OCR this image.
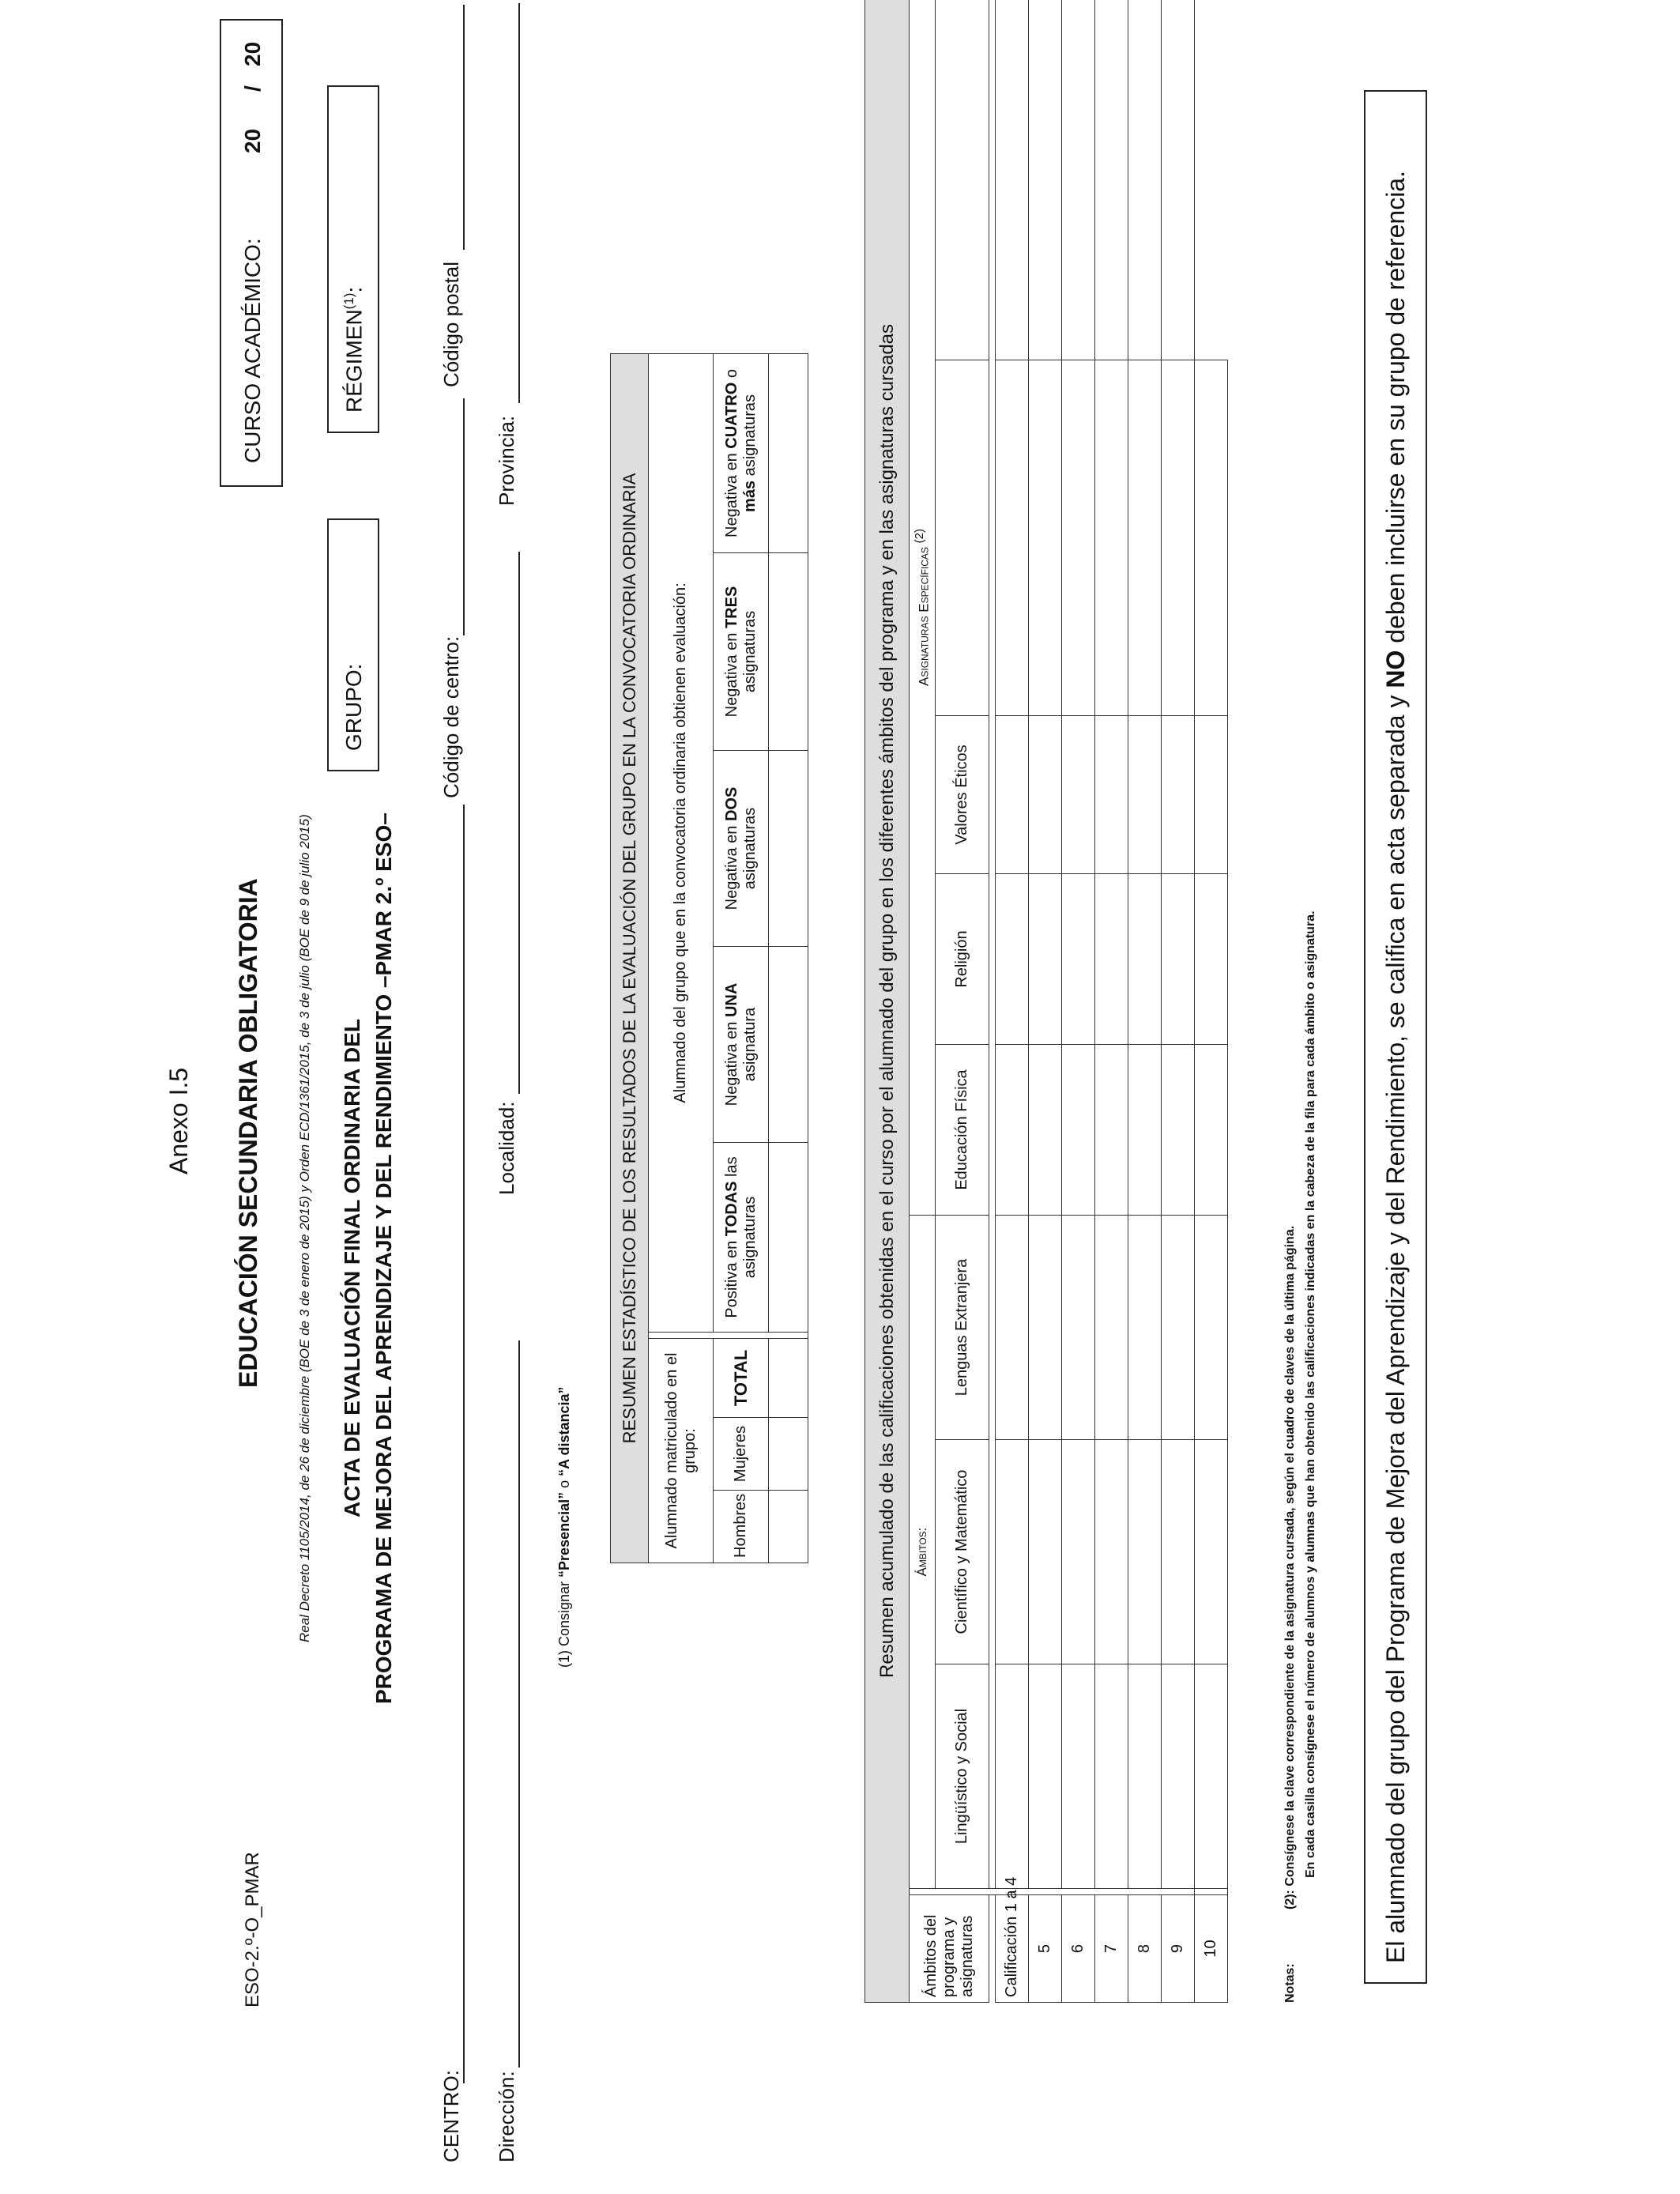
ESO-2.º-O_PMAR
Anexo I.5 EDUCACIÓN SECUNDARIA OBLIGATORIA	Real Decreto 1105/2014, de 26 de diciembre (BOE de 3 de enero de 2015) y Orden ECD/1361/2015, de 3 de julio (BOE de 9 de julio 2015) ACTA DE EVALUACIÓN FINAL ORDINARIA DEL PROGRAMA DE MEJORA DEL APRENDIZAJE Y DEL RENDIMIENTO –PMAR 2.º ESO–
CURSO ACADÉMICO:
20
/
20
RÉGIMEN$^{(1)}$:
GRUPO:
CENTRO:
Código de centro:
Código postal
Dirección:
Localidad:
Provincia:
(1) Consignar “Presencial” o “A distancia”	RESUMEN ESTADÍSTICO DE LOS RESULTADOS DE LA EVALUACIÓN DEL GRUPO EN LA CONVOCATORIA ORDINARIA								
Alumnado matriculado en el grupo:				Alumnado del grupo que en la convocatoria ordinaria obtienen evaluación:				
Hombres	Mujeres	TOTAL		Positiva en TODAS las asignaturas	Negativa en UNA asignatura	Negativa en DOS asignaturas	Negativa en TRES asignaturas	Negativa en CUATRO o más asignaturas
								Resumen acumulado de las calificaciones obtenidas en el curso por el alumnado del grupo en los diferentes ámbitos del programa y en las asignaturas cursadas									
Ámbitos del programa y asignaturas		Ámbitos:			Asignaturas Específicas $^{(2)}$
		Lingüístico y Social	Científico y Matemático	Lenguas Extranjera	Educación Física	Religión	Valores Éticos		

Calificación 1 a 4									
5									
6									
7									
8									
9									
10									
Notas:
(2): Consígnese la clave correspondiente de la asignatura cursada, según el cuadro de claves de la última página. En cada casilla consígnese el número de alumnos y alumnas que han obtenido las calificaciones indicadas en la cabeza de la fila para cada ámbito o asignatura.	El alumnado del grupo del Programa de Mejora del Aprendizaje y del Rendimiento, se califica en acta separada y NO deben incluirse en su grupo de referencia.
